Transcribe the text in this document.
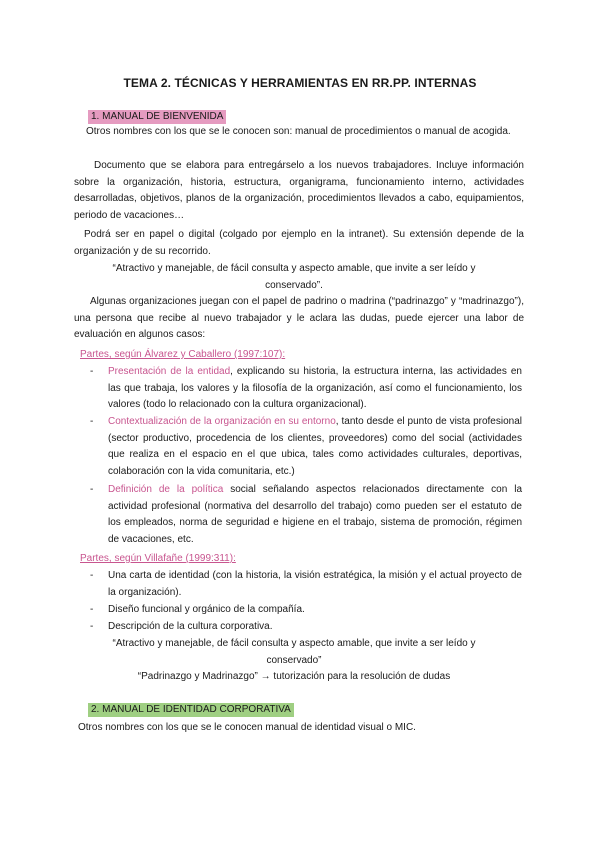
TEMA 2. TÉCNICAS Y HERRAMIENTAS EN RR.PP. INTERNAS
1. MANUAL DE BIENVENIDA

Otros nombres con los que se le conocen son: manual de procedimientos o manual de acogida.

Documento que se elabora para entregárselo a los nuevos trabajadores. Incluye información sobre la organización, historia, estructura, organigrama, funcionamiento interno, actividades desarrolladas, objetivos, planos de la organización, procedimientos llevados a cabo, equipamientos, periodo de vacaciones…

Podrá ser en papel o digital (colgado por ejemplo en la intranet). Su extensión depende de la organización y de su recorrido.

“Atractivo y manejable, de fácil consulta y aspecto amable, que invite a ser leído y conservado”.

Algunas organizaciones juegan con el papel de padrino o madrina (“padrinazgo” y “madrinazgo”), una persona que recibe al nuevo trabajador y le aclara las dudas, puede ejercer una labor de evaluación en algunos casos:

Partes, según Álvarez y Caballero (1997:107):
- Presentación de la entidad, explicando su historia, la estructura interna, las actividades en las que trabaja, los valores y la filosofía de la organización, así como el funcionamiento, los valores (todo lo relacionado con la cultura organizacional).
- Contextualización de la organización en su entorno, tanto desde el punto de vista profesional (sector productivo, procedencia de los clientes, proveedores) como del social (actividades que realiza en el espacio en el que ubica, tales como actividades culturales, deportivas, colaboración con la vida comunitaria, etc.)
- Definición de la política social señalando aspectos relacionados directamente con la actividad profesional (normativa del desarrollo del trabajo) como pueden ser el estatuto de los empleados, norma de seguridad e higiene en el trabajo, sistema de promoción, régimen de vacaciones, etc.
Partes, según Villafañe (1999:311):
- Una carta de identidad (con la historia, la visión estratégica, la misión y el actual proyecto de la organización).
- Diseño funcional y orgánico de la compañía.
- Descripción de la cultura corporativa.

“Atractivo y manejable, de fácil consulta y aspecto amable, que invite a ser leído y conservado”

“Padrinazgo y Madrinazgo” → tutorización para la resolución de dudas

2. MANUAL DE IDENTIDAD CORPORATIVA

Otros nombres con los que se le conocen manual de identidad visual o MIC.
